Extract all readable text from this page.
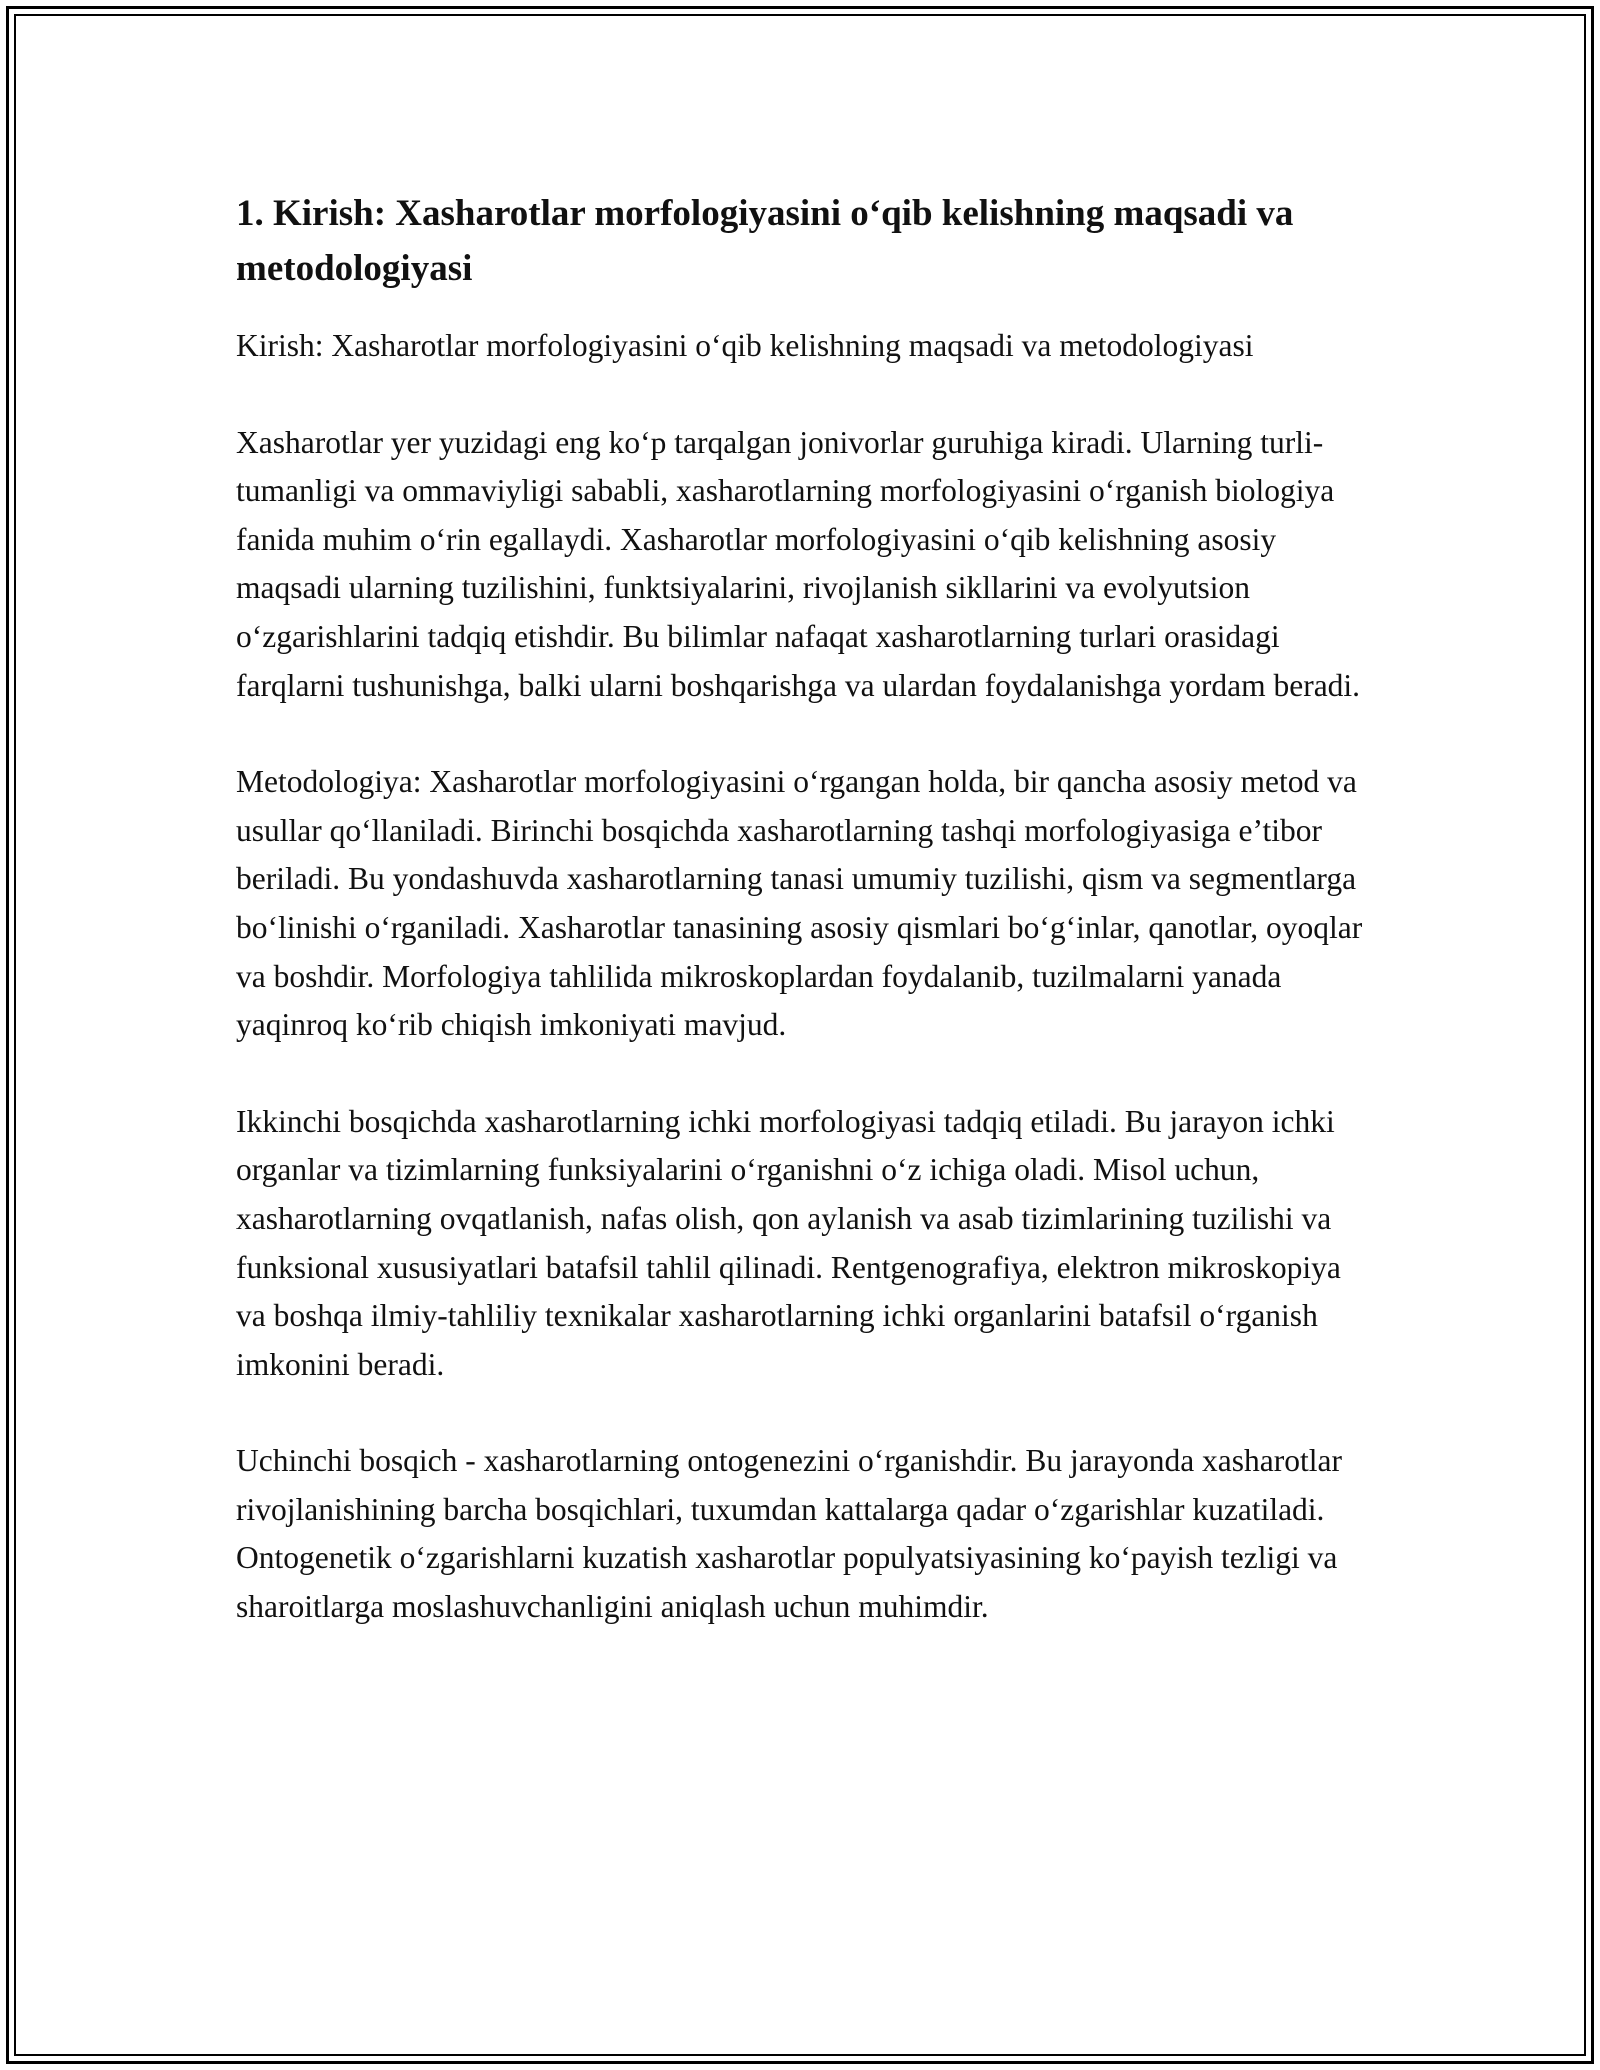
1. Kirish: Xasharotlar morfologiyasini o‘qib kelishning maqsadi va metodologiyasi

Kirish: Xasharotlar morfologiyasini o‘qib kelishning maqsadi va metodologiyasi

Xasharotlar yer yuzidagi eng ko‘p tarqalgan jonivorlar guruhiga kiradi. Ularning turli-tumanligi va ommaviyligi sababli, xasharotlarning morfologiyasini o‘rganish biologiya fanida muhim o‘rin egallaydi. Xasharotlar morfologiyasini o‘qib kelishning asosiy maqsadi ularning tuzilishini, funktsiyalarini, rivojlanish sikllarini va evolyutsion o‘zgarishlarini tadqiq etishdir. Bu bilimlar nafaqat xasharotlarning turlari orasidagi farqlarni tushunishga, balki ularni boshqarishga va ulardan foydalanishga yordam beradi.

Metodologiya: Xasharotlar morfologiyasini o‘rgangan holda, bir qancha asosiy metod va usullar qo‘llaniladi. Birinchi bosqichda xasharotlarning tashqi morfologiyasiga e’tibor beriladi. Bu yondashuvda xasharotlarning tanasi umumiy tuzilishi, qism va segmentlarga bo‘linishi o‘rganiladi. Xasharotlar tanasining asosiy qismlari bo‘g‘inlar, qanotlar, oyoqlar va boshdir. Morfologiya tahlilida mikroskoplardan foydalanib, tuzilmalarni yanada yaqinroq ko‘rib chiqish imkoniyati mavjud.

Ikkinchi bosqichda xasharotlarning ichki morfologiyasi tadqiq etiladi. Bu jarayon ichki organlar va tizimlarning funksiyalarini o‘rganishni o‘z ichiga oladi. Misol uchun, xasharotlarning ovqatlanish, nafas olish, qon aylanish va asab tizimlarining tuzilishi va funksional xususiyatlari batafsil tahlil qilinadi. Rentgenografiya, elektron mikroskopiya va boshqa ilmiy-tahliliy texnikalar xasharotlarning ichki organlarini batafsil o‘rganish imkonini beradi.

Uchinchi bosqich - xasharotlarning ontogenezini o‘rganishdir. Bu jarayonda xasharotlar rivojlanishining barcha bosqichlari, tuxumdan kattalarga qadar o‘zgarishlar kuzatiladi. Ontogenetik o‘zgarishlarni kuzatish xasharotlar populyatsiyasining ko‘payish tezligi va sharoitlarga moslashuvchanligini aniqlash uchun muhimdir.
